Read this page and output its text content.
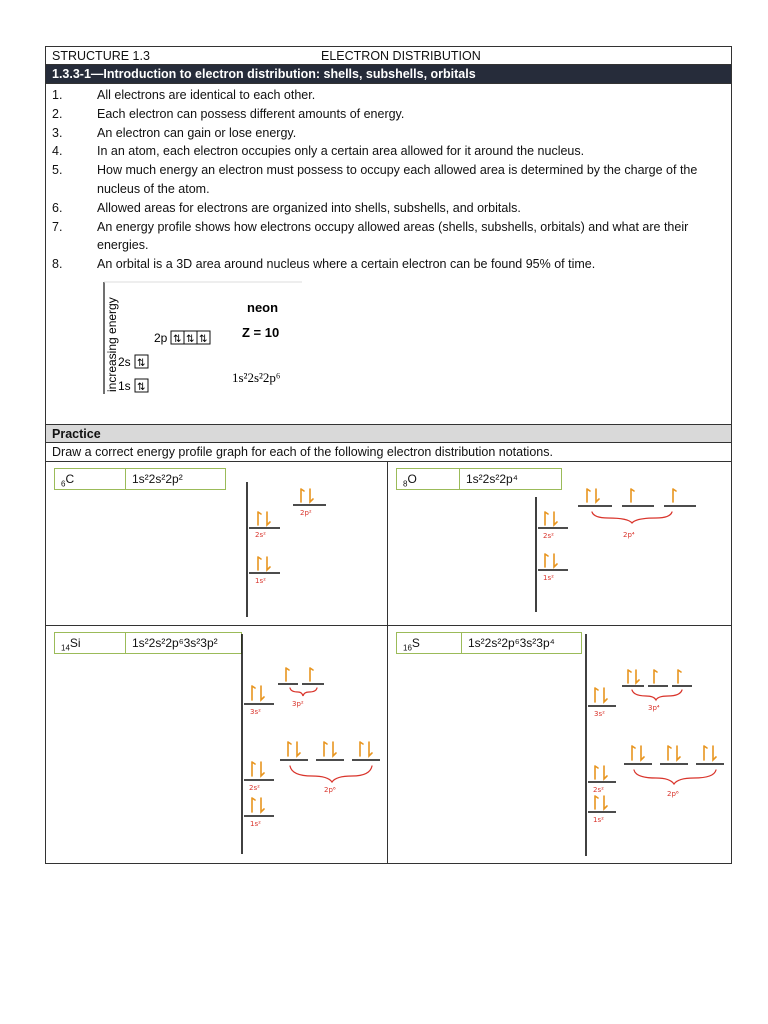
STRUCTURE 1.3	ELECTRON DISTRIBUTION
1.3.3-1—Introduction to electron distribution: shells, subshells, orbitals
1.	All electrons are identical to each other.
2.	Each electron can possess different amounts of energy.
3.	An electron can gain or lose energy.
4.	In an atom, each electron occupies only a certain area allowed for it around the nucleus.
5.	How much energy an electron must possess to occupy each allowed area is determined by the charge of the nucleus of the atom.
6.	Allowed areas for electrons are organized into shells, subshells, and orbitals.
7.	An energy profile shows how electrons occupy allowed areas (shells, subshells, orbitals) and what are their energies.
8.	An orbital is a 3D area around nucleus where a certain electron can be found 95% of time.
increasing energy	2p ⇅ ⇅ ⇅
2s ⇅
1s ⇅
neon
Z = 10
1s²2s²2p⁶
Practice
Draw a correct energy profile graph for each of the following electron distribution notations.
$_6$C	1s²2s²2p²
2s²
1s²
2p²
$_8$O	1s²2s²2p⁴
2s²
1s²
2p⁴
$_{14}$Si	1s²2s²2p⁶3s²3p²
3s²
3p²
2s²	2p⁶
1s²
$_{16}$S	1s²2s²2p⁶3s²3p⁴
3s²
3p⁴
2s²	2p⁶
1s²
